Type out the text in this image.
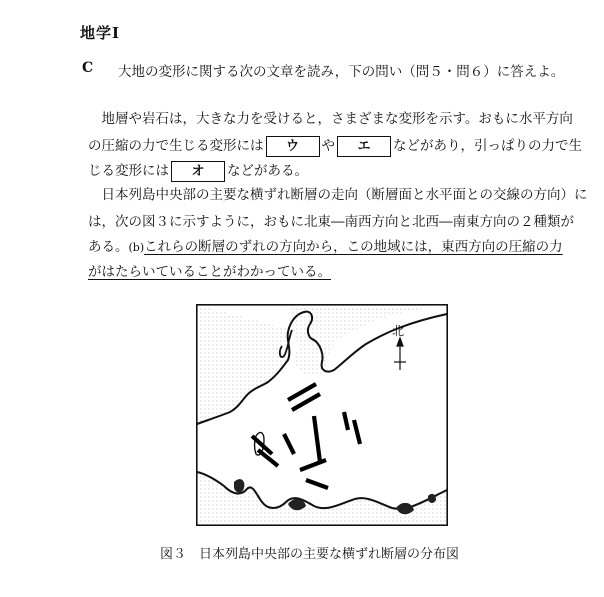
地学Ⅰ
C 大地の変形に関する次の文章を読み，下の問い（問５・問６）に答えよ。
　地層や岩石は，大きな力を受けると，さまざまな変形を示す。おもに水平方向
の圧縮の力で生じる変形には ウ や エ などがあり，引っぱりの力で生
じる変形には オ などがある。
　日本列島中央部の主要な横ずれ断層の走向（断層面と水平面との交線の方向）に
は，次の図３に示すように，おもに北東―南西方向と北西―南東方向の２種類が
ある。(b)これらの断層のずれの方向から，この地域には，東西方向の圧縮の力
がはたらいていることがわかっている。
北
図３　日本列島中央部の主要な横ずれ断層の分布図
